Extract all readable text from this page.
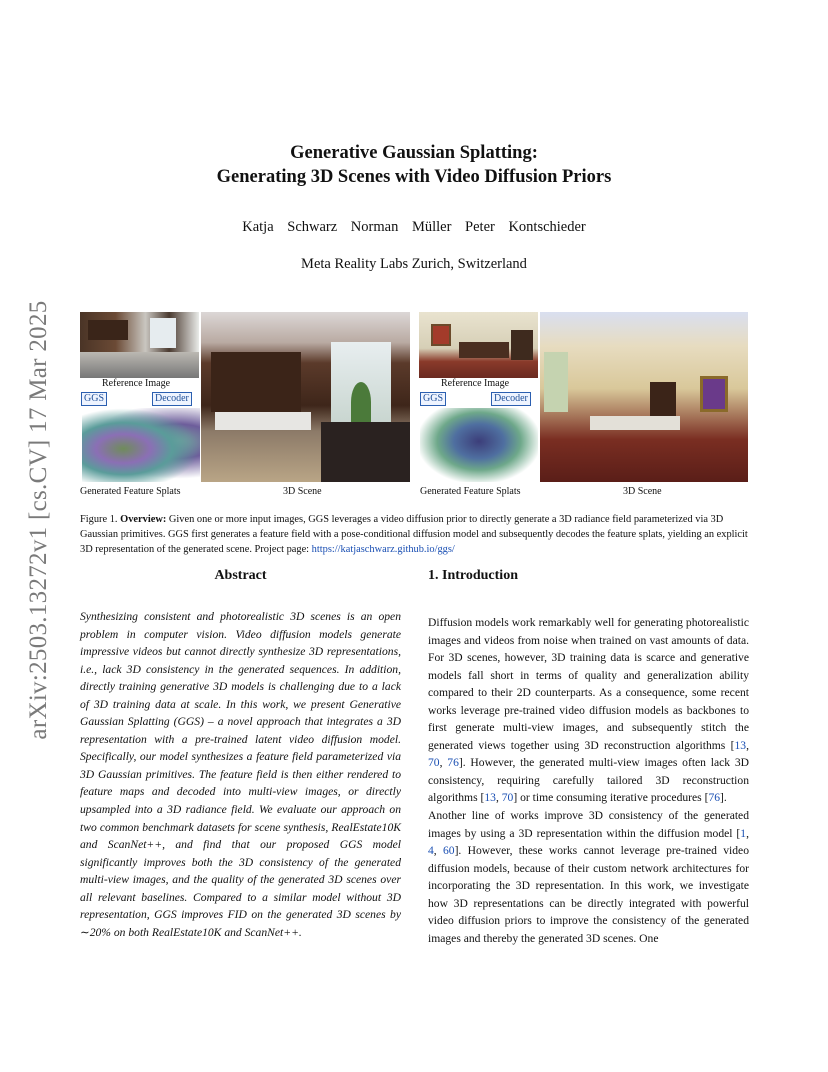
arXiv:2503.13272v1 [cs.CV] 17 Mar 2025
Generative Gaussian Splatting:
Generating 3D Scenes with Video Diffusion Priors
Katja Schwarz Norman Müller Peter Kontschieder
Meta Reality Labs Zurich, Switzerland
Reference Image
GGS	Decoder
Generated Feature Splats	3D Scene
Reference Image
GGS	Decoder
Generated Feature Splats	3D Scene
Figure 1. Overview: Given one or more input images, GGS leverages a video diffusion prior to directly generate a 3D radiance field parameterized via 3D Gaussian primitives. GGS first generates a feature field with a pose-conditional diffusion model and subsequently decodes the feature splats, yielding an explicit 3D representation of the generated scene. Project page: https://katjaschwarz.github.io/ggs/
Abstract

Synthesizing consistent and photorealistic 3D scenes is an open problem in computer vision. Video diffusion models generate impressive videos but cannot directly synthesize 3D representations, i.e., lack 3D consistency in the generated sequences. In addition, directly training generative 3D models is challenging due to a lack of 3D training data at scale. In this work, we present Generative Gaussian Splatting (GGS) – a novel approach that integrates a 3D representation with a pre-trained latent video diffusion model. Specifically, our model synthesizes a feature field parameterized via 3D Gaussian primitives. The feature field is then either rendered to feature maps and decoded into multi-view images, or directly upsampled into a 3D radiance field. We evaluate our approach on two common benchmark datasets for scene synthesis, RealEstate10K and ScanNet++, and find that our proposed GGS model significantly improves both the 3D consistency of the generated multi-view images, and the quality of the generated 3D scenes over all relevant baselines. Compared to a similar model without 3D representation, GGS improves FID on the generated 3D scenes by ∼20% on both RealEstate10K and ScanNet++.

1. Introduction

Diffusion models work remarkably well for generating photorealistic images and videos from noise when trained on vast amounts of data. For 3D scenes, however, 3D training data is scarce and generative models fall short in terms of quality and generalization ability compared to their 2D counterparts. As a consequence, some recent works leverage pre-trained video diffusion models as backbones to first generate multi-view images, and subsequently stitch the generated views together using 3D reconstruction algorithms [13, 70, 76]. However, the generated multi-view images often lack 3D consistency, requiring carefully tailored 3D reconstruction algorithms [13, 70] or time consuming iterative procedures [76].

Another line of works improve 3D consistency of the generated images by using a 3D representation within the diffusion model [1, 4, 60]. However, these works cannot leverage pre-trained video diffusion models, because of their custom network architectures for incorporating the 3D representation. In this work, we investigate how 3D representations can be directly integrated with powerful video diffusion priors to improve the consistency of the generated images and thereby the generated 3D scenes. One
